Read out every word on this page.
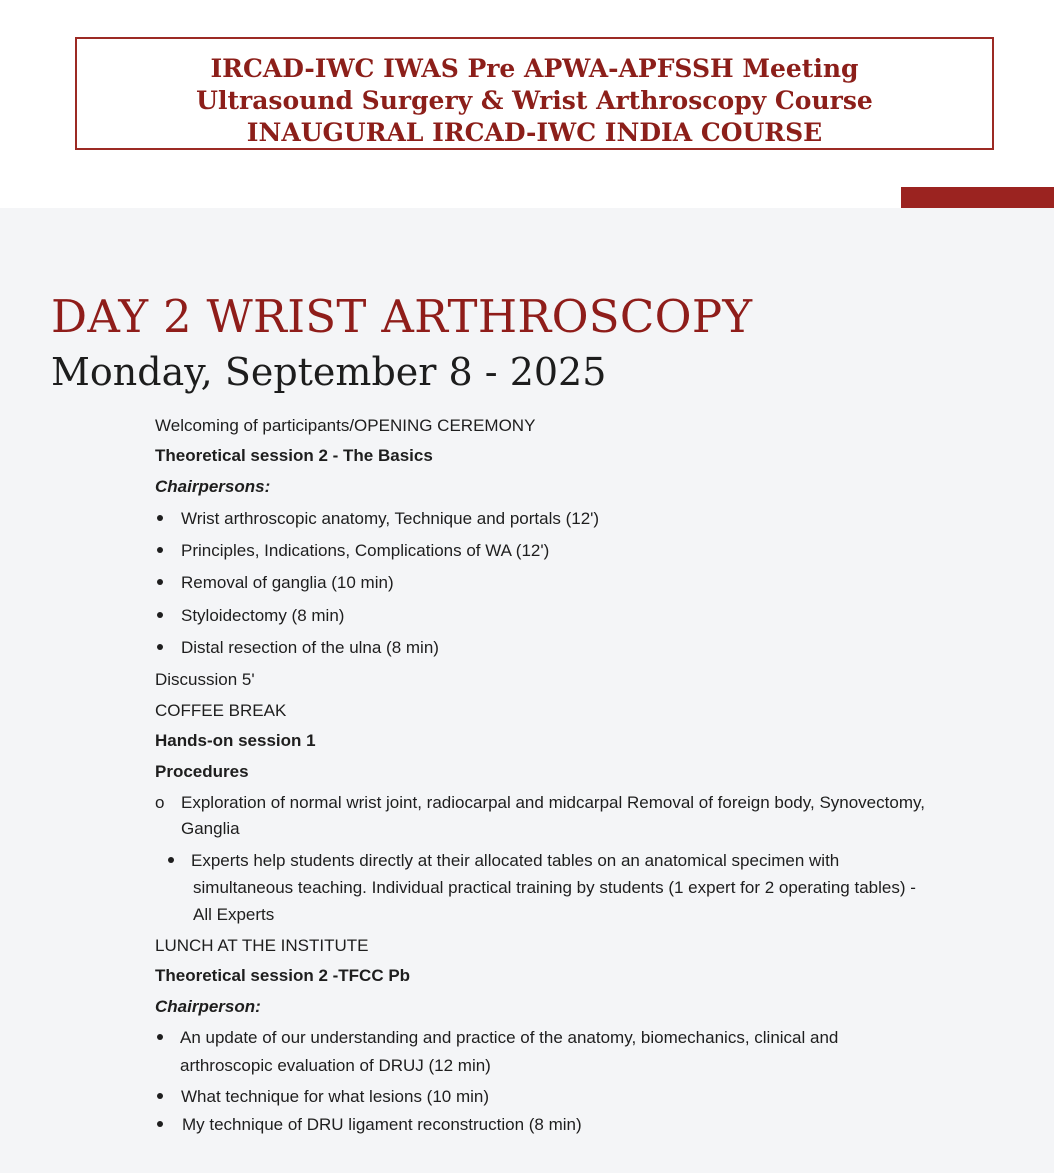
IRCAD-IWC IWAS Pre APWA-APFSSH Meeting
Ultrasound Surgery & Wrist Arthroscopy Course
INAUGURAL IRCAD-IWC INDIA COURSE
DAY 2 WRIST ARTHROSCOPY
Monday, September 8 - 2025
Welcoming of participants/OPENING CEREMONY
Theoretical session 2 - The Basics
Chairpersons:
Wrist arthroscopic anatomy, Technique and portals (12')
Principles, Indications, Complications of WA (12')
Removal of ganglia (10 min)
Styloidectomy (8 min)
Distal resection of the ulna (8 min)
Discussion 5'
COFFEE BREAK
Hands-on session 1
Procedures
o Exploration of normal wrist joint, radiocarpal and midcarpal Removal of foreign body, Synovectomy,
Ganglia
Experts help students directly at their allocated tables on an anatomical specimen with
simultaneous teaching. Individual practical training by students (1 expert for 2 operating tables) -
All Experts
LUNCH AT THE INSTITUTE
Theoretical session 2 -TFCC Pb
Chairperson:
An update of our understanding and practice of the anatomy, biomechanics, clinical and
arthroscopic evaluation of DRUJ (12 min)
What technique for what lesions (10 min)
My technique of DRU ligament reconstruction (8 min)
